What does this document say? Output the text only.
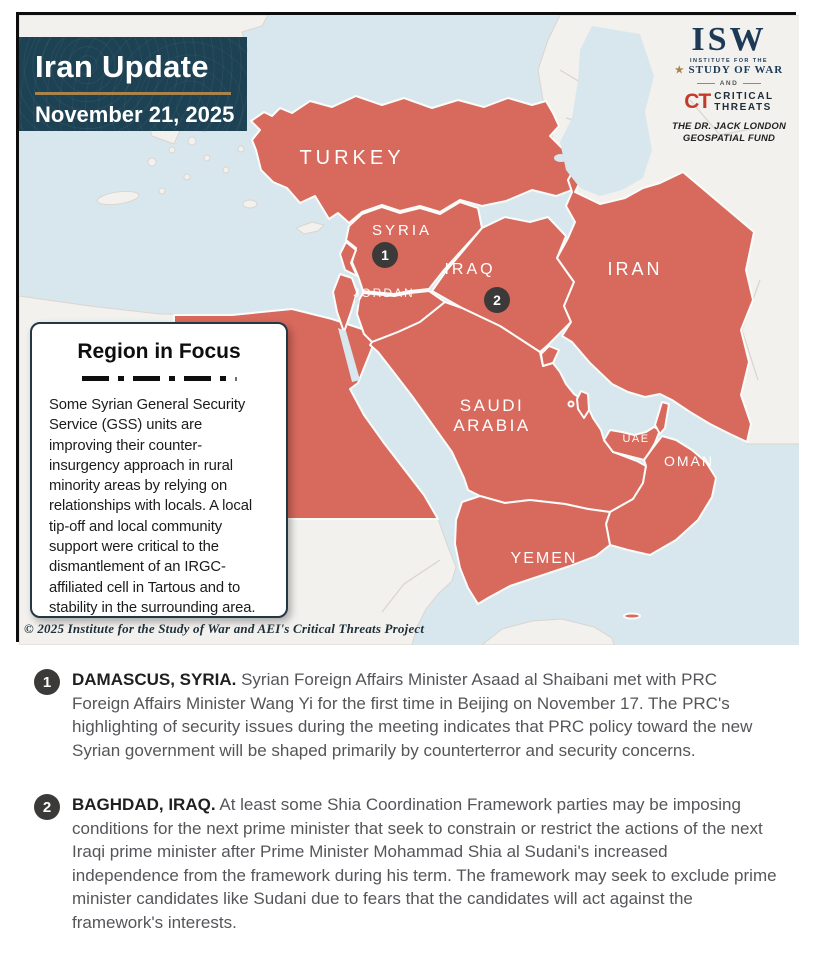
TURKEY
SYRIA
IRAQ	IRAN
JORDAN
SAUDI
ARABIA
UAE
OMAN
YEMEN
1
2
Iran Update
November 21, 2025
ISW
INSTITUTE FOR THE
★ STUDY OF WAR
AND
CT CRITICAL
THREATS
THE DR. JACK LONDON
GEOSPATIAL FUND
Region in Focus
Some Syrian General Security Service (GSS) units are improving their counter-insurgency approach in rural minority areas by relying on relationships with locals. A local tip-off and local community support were critical to the dismantlement of an IRGC-affiliated cell in Tartous and to stability in the surrounding area.
© 2025 Institute for the Study of War and AEI's Critical Threats Project
1	DAMASCUS, SYRIA. Syrian Foreign Affairs Minister Asaad al Shaibani met with PRC Foreign Affairs Minister Wang Yi for the first time in Beijing on November 17. The PRC's highlighting of security issues during the meeting indicates that PRC policy toward the new Syrian government will be shaped primarily by counterterror and security concerns.

2	BAGHDAD, IRAQ. At least some Shia Coordination Framework parties may be imposing conditions for the next prime minister that seek to constrain or restrict the actions of the next Iraqi prime minister after Prime Minister Mohammad Shia al Sudani's increased independence from the framework during his term. The framework may seek to exclude prime minister candidates like Sudani due to fears that the candidates will act against the framework's interests.
